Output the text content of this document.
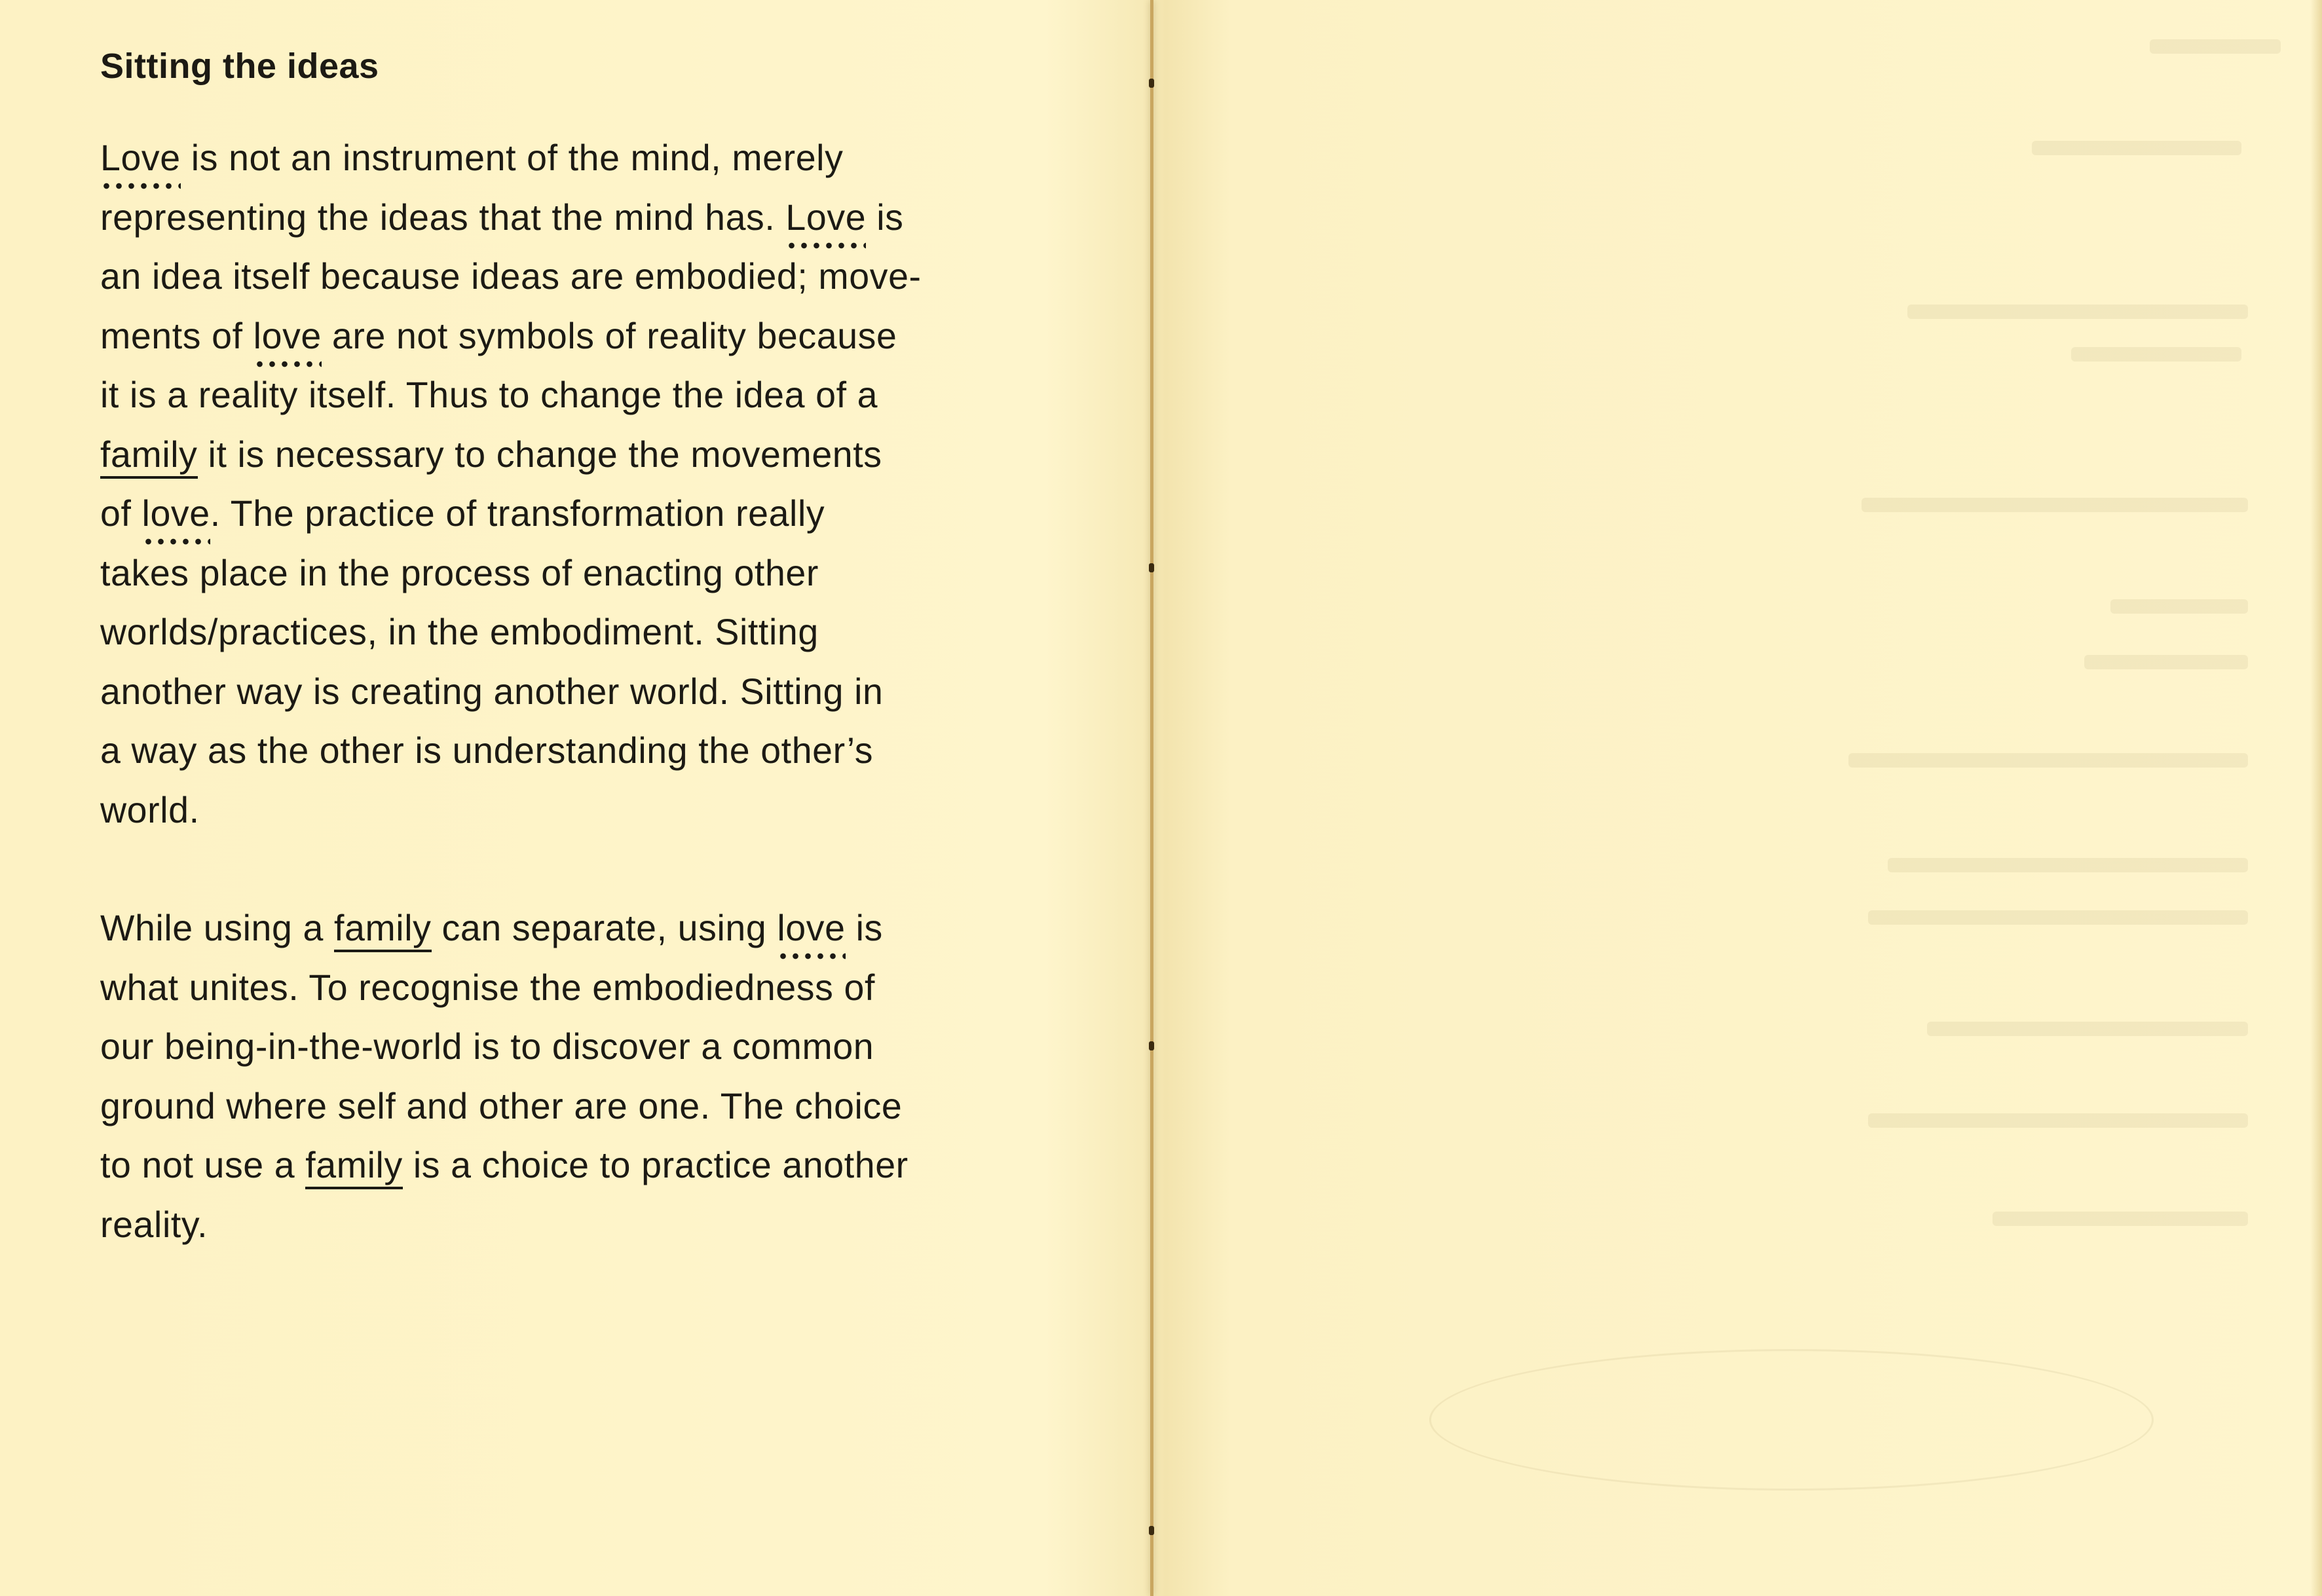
Sitting the ideas
Love is not an instrument of the mind, merely
representing the ideas that the mind has. Love is
an idea itself because ideas are embodied; move-
ments of love are not symbols of reality because
it is a reality itself. Thus to change the idea of a
family it is necessary to change the movements
of love. The practice of transformation really
takes place in the process of enacting other
worlds/practices, in the embodiment. Sitting
another way is creating another world. Sitting in
a way as the other is understanding the other’s
world.
While using a family can separate, using love is
what unites. To recognise the embodiedness of
our being-in-the-world is to discover a common
ground where self and other are one. The choice
to not use a family is a choice to practice another
reality.
